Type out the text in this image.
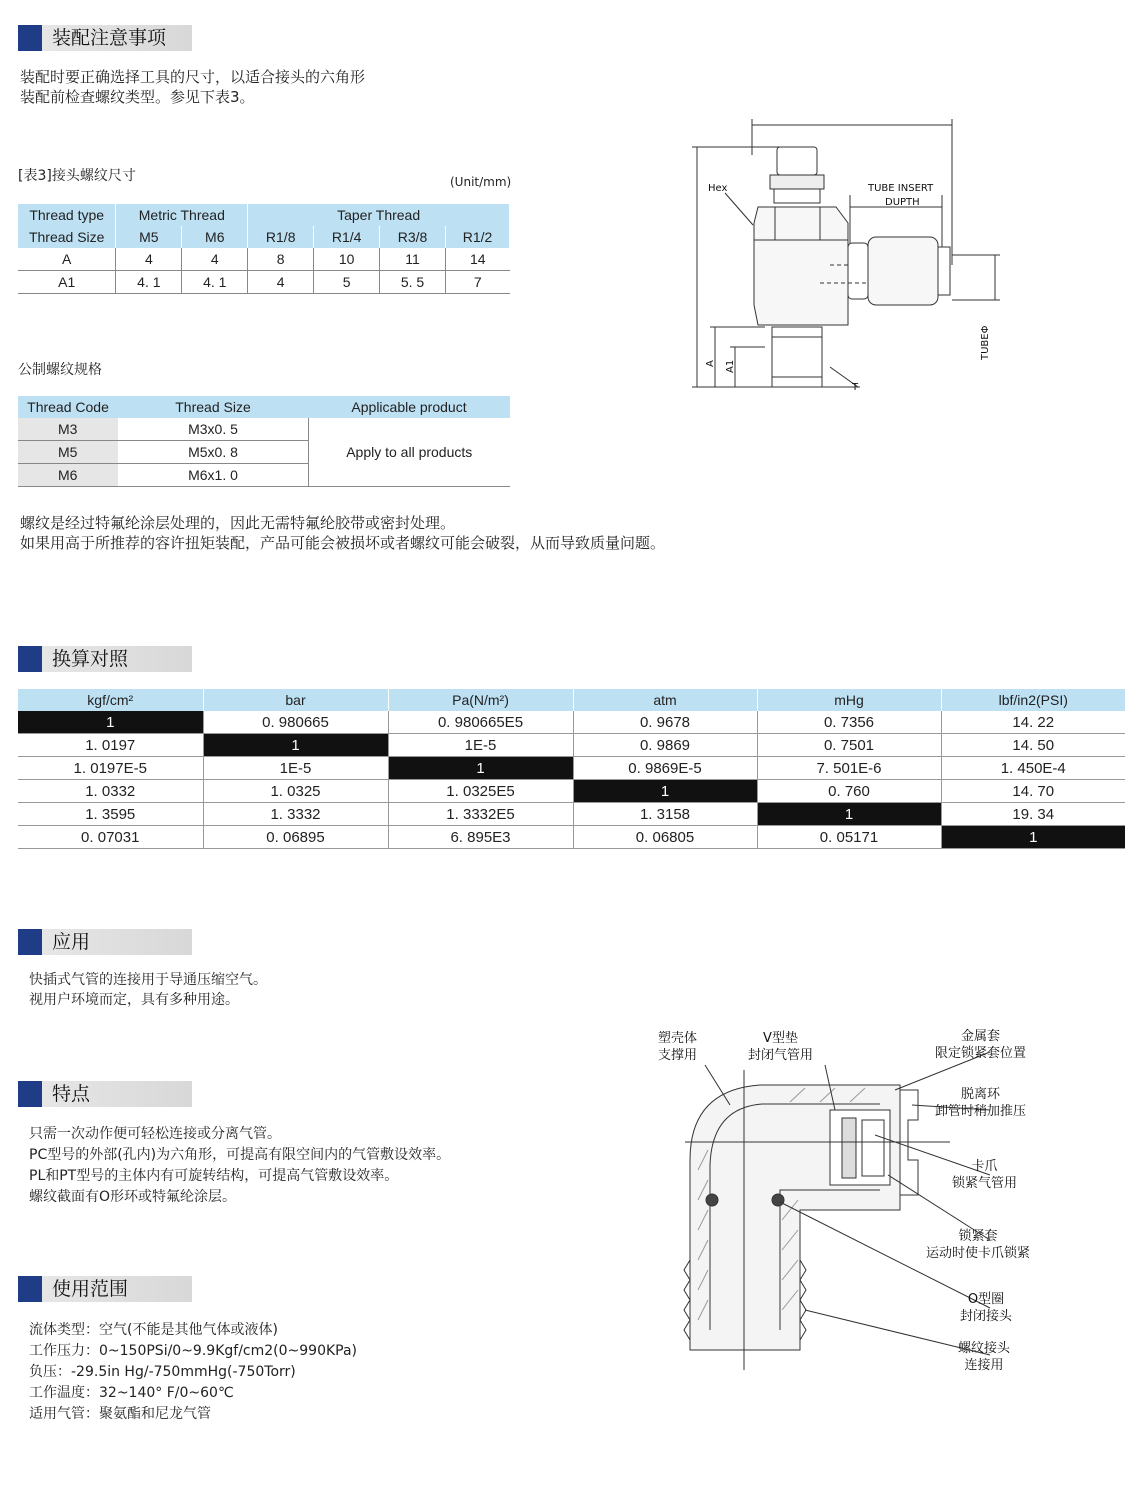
装配注意事项
装配时要正确选择工具的尺寸，以适合接头的六角形
装配前检查螺纹类型。参见下表3。
[表3]接头螺纹尺寸	(Unit/mm)
Thread type	Metric Thread		Taper Thread			
Thread Size	M5	M6	R1/8	R1/4	R3/8	R1/2
A	4	4	8	10	11	14
A1	4. 1	4. 1	4	5	5. 5	7
公制螺纹规格
Thread Code	Thread Size	Applicable product
M3	M3x0. 5	Apply to all products
M5	M5x0. 8	
M6	M6x1. 0	
螺纹是经过特氟纶涂层处理的，因此无需特氟纶胶带或密封处理。
如果用高于所推荐的容许扭矩装配，产品可能会被损坏或者螺纹可能会破裂，从而导致质量问题。
Hex	TUBE INSERT
DUPTH
T
A A1
TUBEΦ
换算对照
kgf/cm²	bar	Pa(N/m²)	atm	mHg	lbf/in2(PSI)
1	0. 980665	0. 980665E5	0. 9678	0. 7356	14. 22
1. 0197	1	1E-5	0. 9869	0. 7501	14. 50
1. 0197E-5	1E-5	1	0. 9869E-5	7. 501E-6	1. 450E-4
1. 0332	1. 0325	1. 0325E5	1	0. 760	14. 70
1. 3595	1. 3332	1. 3332E5	1. 3158	1	19. 34
0. 07031	0. 06895	6. 895E3	0. 06805	0. 05171	1
应用
快插式气管的连接用于导通压缩空气。
视用户环境而定，具有多种用途。
特点
只需一次动作便可轻松连接或分离气管。
PC型号的外部(孔内)为六角形，可提高有限空间内的气管敷设效率。
PL和PT型号的主体内有可旋转结构，可提高气管敷设效率。
螺纹截面有O形环或特氟纶涂层。
使用范围
流体类型：空气(不能是其他气体或液体)
工作压力：0~150PSi/0~9.9Kgf/cm2(0~990KPa)
负压：-29.5in Hg/-750mmHg(-750Torr)
工作温度：32~140° F/0~60℃
适用气管：聚氨酯和尼龙气管
塑壳体
支撑用
V型垫
封闭气管用
金属套
限定锁紧套位置
脱离环
卸管时稍加推压
卡爪
锁紧气管用
锁紧套
运动时使卡爪锁紧
O型圈
封闭接头
螺纹接头
连接用
